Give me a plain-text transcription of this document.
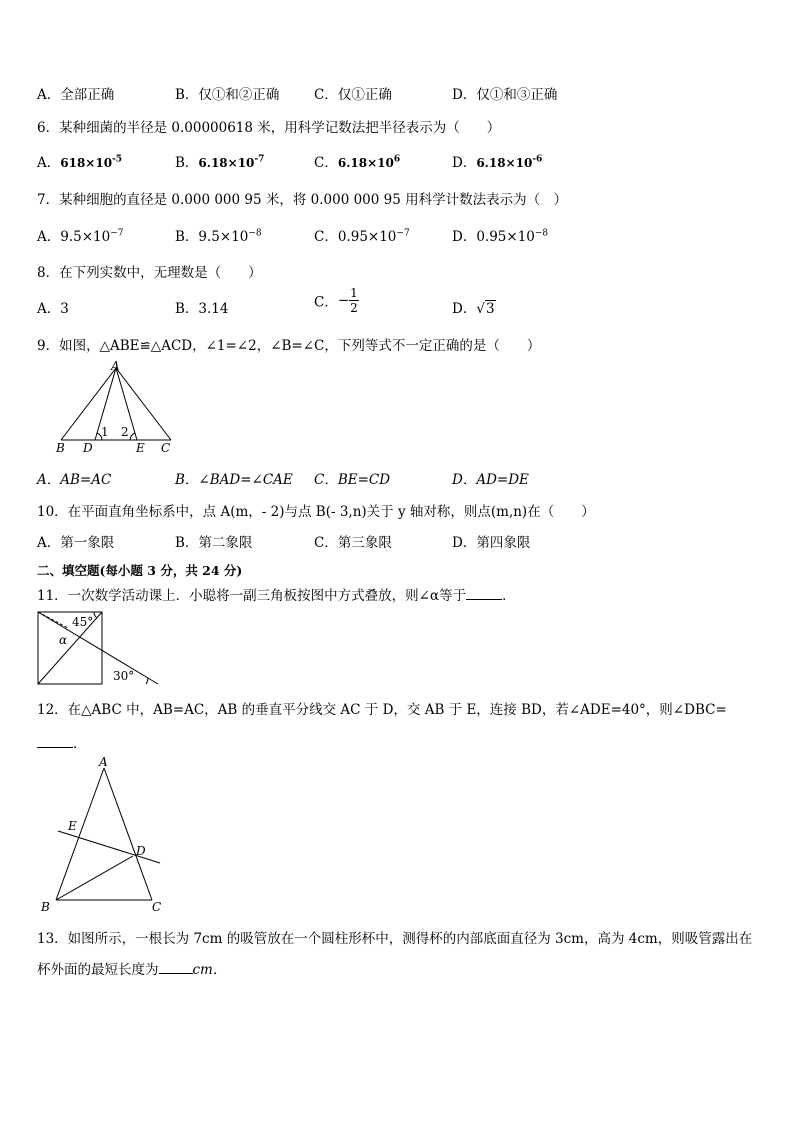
A．全部正确	B．仅①和②正确	C．仅①正确	D．仅①和③正确
6．某种细菌的半径是 0.00000618 米，用科学记数法把半径表示为（　　）
A．$618\times 10^{-5}$	B．$6.18\times 10^{-7}$	C．$6.18\times 10^6$	D．$6.18\times 10^{-6}$
7．某种细胞的直径是 0.000 000 95 米，将 0.000 000 95 用科学计数法表示为（　）
A．$9.5\times 10^{-7}$	B．$9.5\times 10^{-8}$	C．$0.95\times 10^{-7}$	D．$0.95\times 10^{-8}$
8．在下列实数中，无理数是（　　）
A．3	B．3.14	C．− $\frac{1}{2}$	D．√3
9．如图，△ABE≌△ACD，∠1=∠2，∠B=∠C，下列等式不一定正确的是（　　）
A
B D
1 2
E C
A．AB=AC	B．∠BAD=∠CAE C．BE=CD	D．AD=DE
10．在平面直角坐标系中，点 A(m，- 2)与点 B(- 3,n)关于 y 轴对称，则点(m,n)在（　　）
A．第一象限	B．第二象限	C．第三象限	D．第四象限
二、填空题(每小题 3 分，共 24 分)
11．一次数学活动课上．小聪将一副三角板按图中方式叠放，则∠α等于	．
45°
α
30°
12．在△ABC 中，AB=AC，AB 的垂直平分线交 AC 于 D，交 AB 于 E，连接 BD，若∠ADE=40°，则∠DBC=
．
A
E
D
B	C
13．如图所示，一根长为 7cm 的吸管放在一个圆柱形杯中，测得杯的内部底面直径为 3cm，高为 4cm，则吸管露出在
杯外面的最短长度为	cm．
